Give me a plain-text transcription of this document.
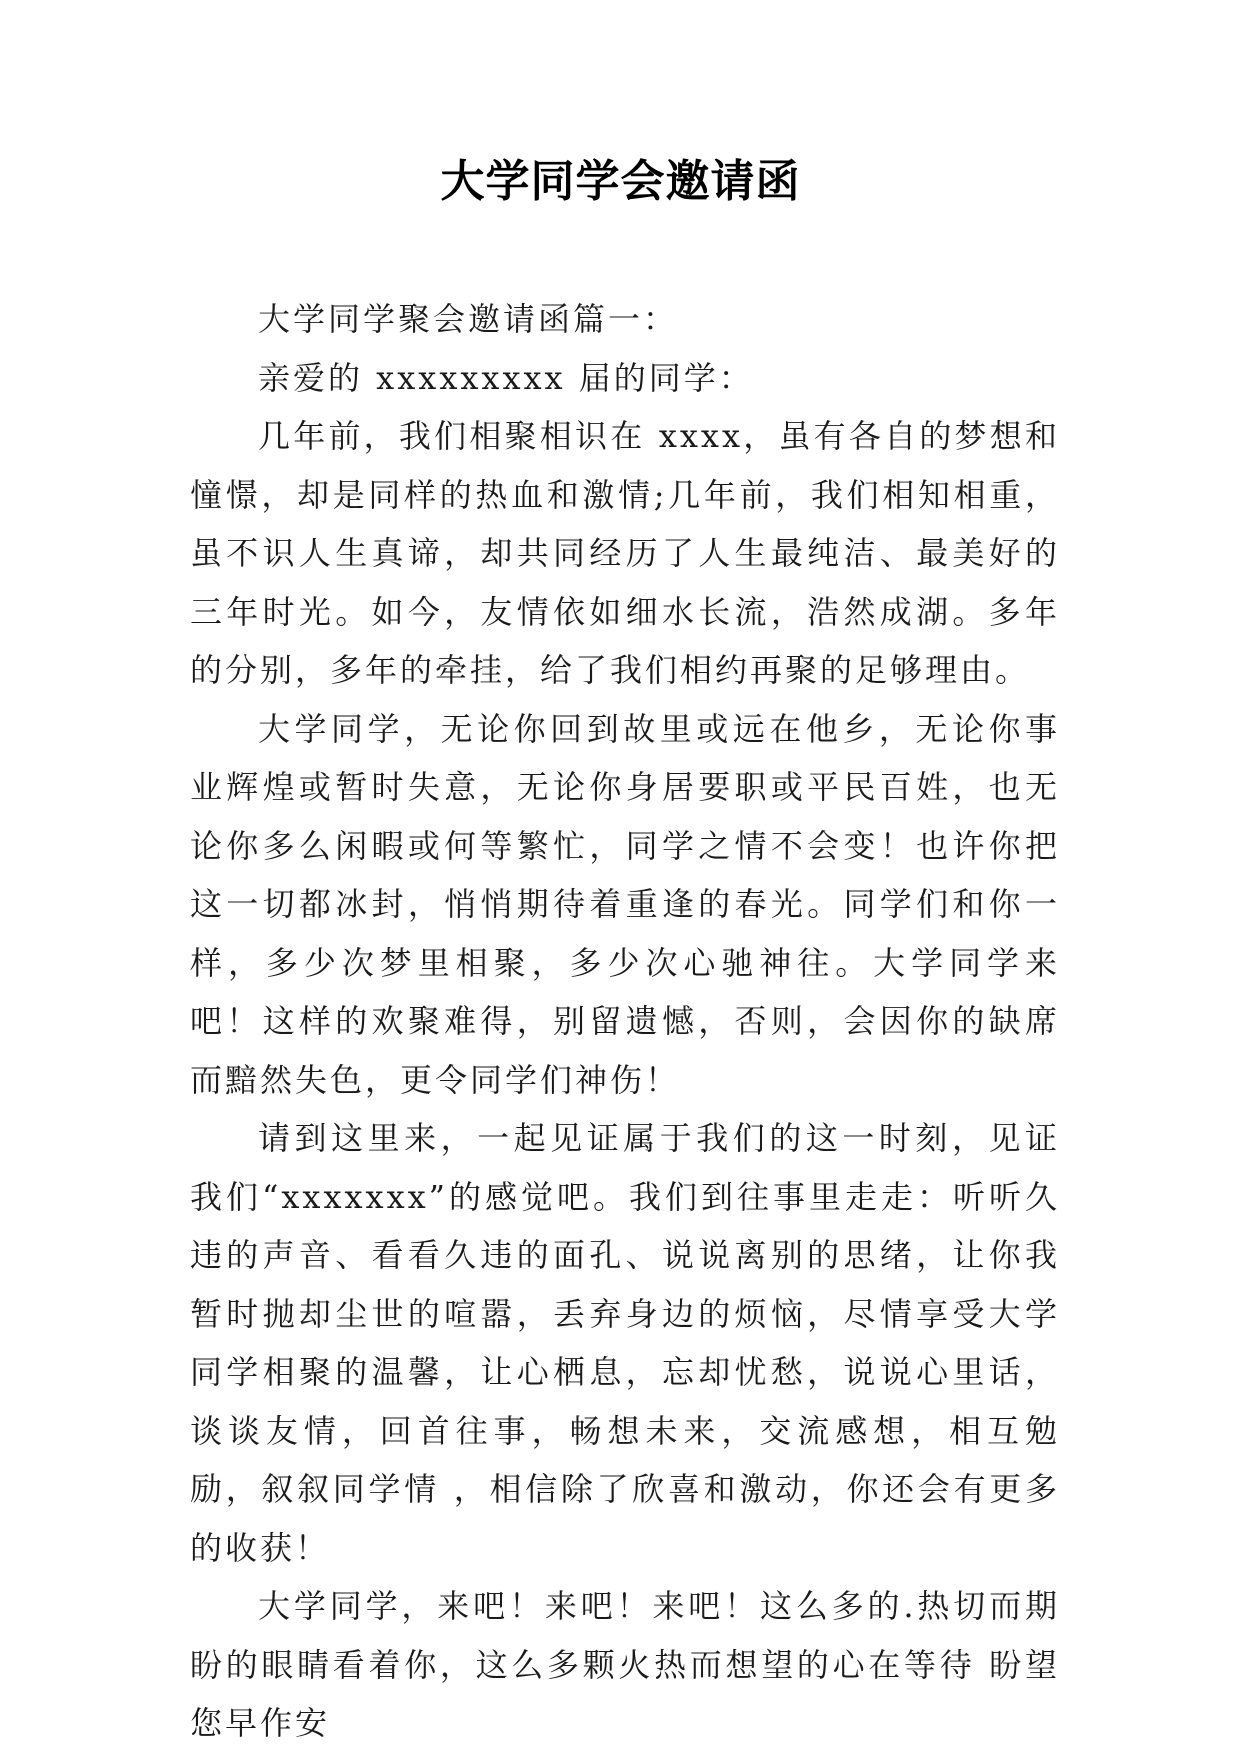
大学同学会邀请函

大学同学聚会邀请函篇一：

亲爱的 xxxxxxxxx 届的同学：

几年前，我们相聚相识在 xxxx，虽有各自的梦想和憧憬，却是同样的热血和激情;几年前，我们相知相重，虽不识人生真谛，却共同经历了人生最纯洁、最美好的三年时光。如今，友情依如细水长流，浩然成湖。多年的分别，多年的牵挂，给了我们相约再聚的足够理由。

大学同学，无论你回到故里或远在他乡，无论你事业辉煌或暂时失意，无论你身居要职或平民百姓，也无论你多么闲暇或何等繁忙，同学之情不会变！也许你把这一切都冰封，悄悄期待着重逢的春光。同学们和你一样，多少次梦里相聚，多少次心驰神往。大学同学来吧！这样的欢聚难得，别留遗憾，否则，会因你的缺席而黯然失色，更令同学们神伤！

请到这里来，一起见证属于我们的这一时刻，见证我们“xxxxxxx”的感觉吧。我们到往事里走走：听听久违的声音、看看久违的面孔、说说离别的思绪，让你我暂时抛却尘世的喧嚣，丢弃身边的烦恼，尽情享受大学同学相聚的温馨，让心栖息，忘却忧愁，说说心里话，谈谈友情，回首往事，畅想未来，交流感想，相互勉励，叙叙同学情 ，相信除了欣喜和激动，你还会有更多的收获！

大学同学，来吧！来吧！来吧！这么多的.热切而期盼的眼睛看着你，这么多颗火热而想望的心在等待 盼望您早作安
